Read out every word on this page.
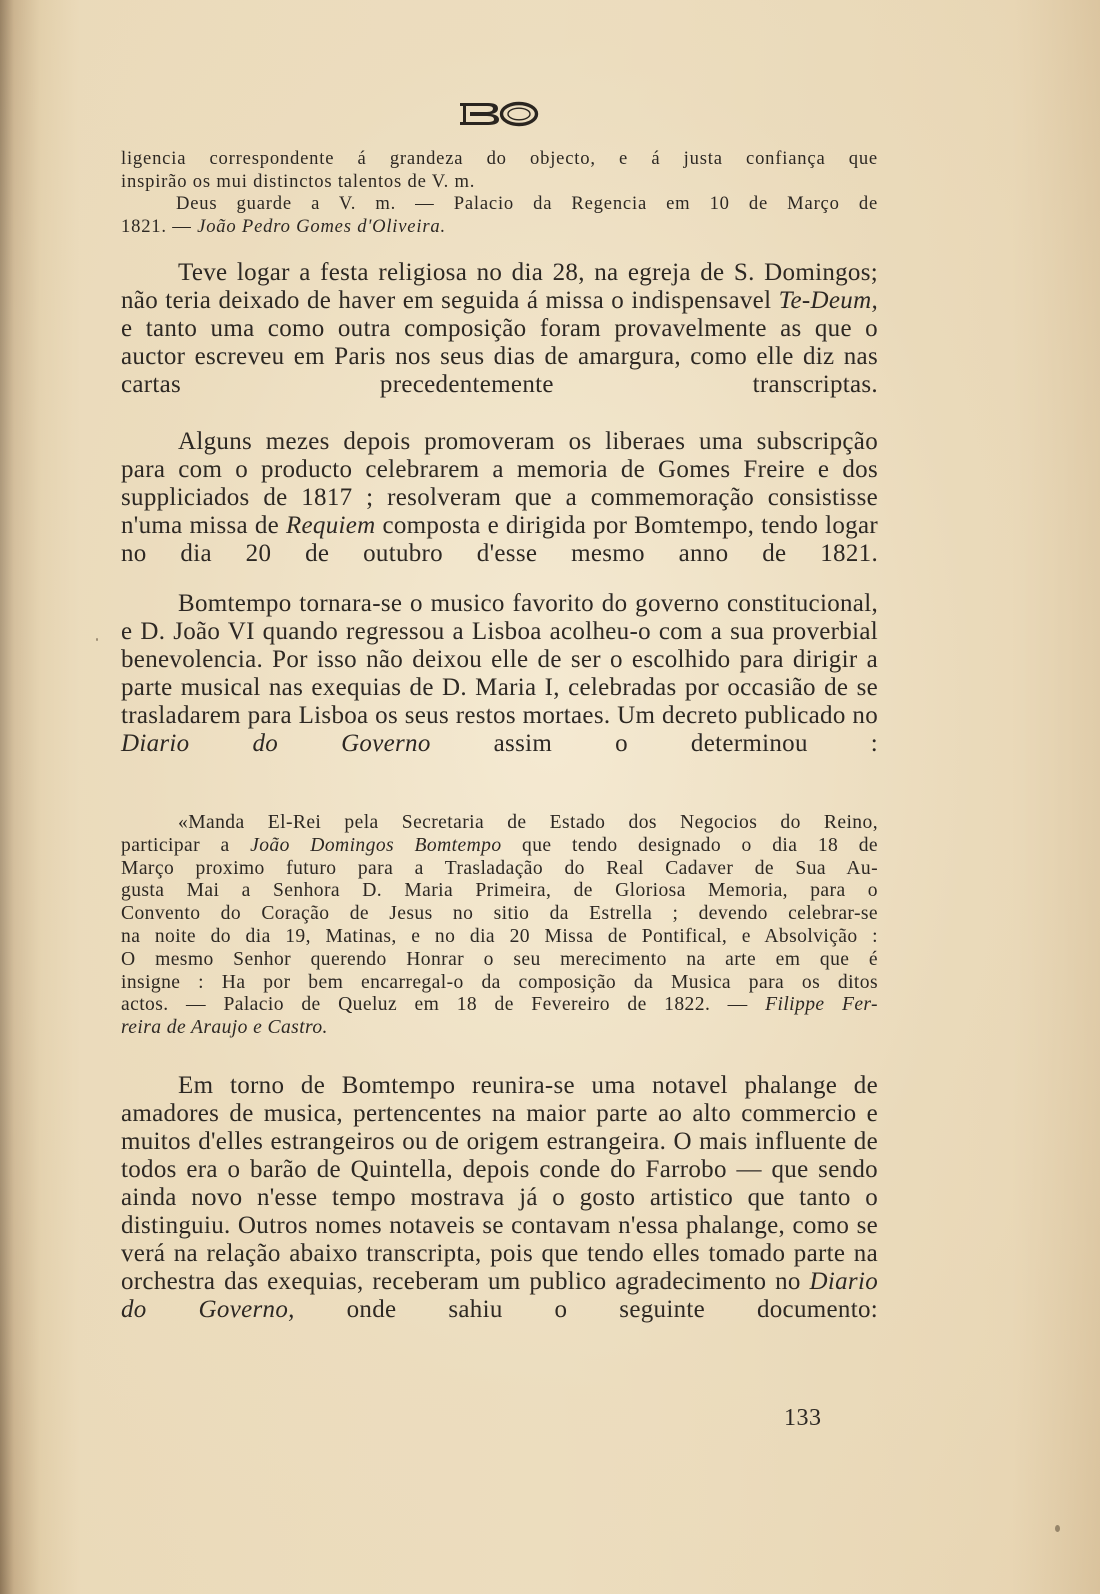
ligencia correspondente á grandeza do objecto, e á justa confiança que
inspirão os mui distinctos talentos de V. m.
Deus guarde a V. m. — Palacio da Regencia em 10 de Março de
1821. — João Pedro Gomes d'Oliveira.

Teve logar a festa religiosa no dia 28, na egreja de S. Domingos; não teria deixado de haver em seguida á missa o indispensavel Te-Deum, e tanto uma como outra composição foram provavelmente as que o auctor escreveu em Paris nos seus dias de amargura, como elle diz nas cartas precedentemente transcriptas.

Alguns mezes depois promoveram os liberaes uma subscripção para com o producto celebrarem a memoria de Gomes Freire e dos suppliciados de 1817 ; resolveram que a commemoração consistisse n'uma missa de Requiem composta e dirigida por Bomtempo, tendo logar no dia 20 de outubro d'esse mesmo anno de 1821.

Bomtempo tornara-se o musico favorito do governo constitucional, e D. João VI quando regressou a Lisboa acolheu-o com a sua proverbial benevolencia. Por isso não deixou elle de ser o escolhido para dirigir a parte musical nas exequias de D. Maria I, celebradas por occasião de se trasladarem para Lisboa os seus restos mortaes. Um decreto publicado no Diario do Governo assim o determinou :

«Manda El-Rei pela Secretaria de Estado dos Negocios do Reino,
participar a João Domingos Bomtempo que tendo designado o dia 18 de
Março proximo futuro para a Trasladação do Real Cadaver de Sua Au-
gusta Mai a Senhora D. Maria Primeira, de Gloriosa Memoria, para o
Convento do Coração de Jesus no sitio da Estrella ; devendo celebrar-se
na noite do dia 19, Matinas, e no dia 20 Missa de Pontifical, e Absolvição :
O mesmo Senhor querendo Honrar o seu merecimento na arte em que é
insigne : Ha por bem encarregal-o da composição da Musica para os ditos
actos. — Palacio de Queluz em 18 de Fevereiro de 1822. — Filippe Fer-
reira de Araujo e Castro.

Em torno de Bomtempo reunira-se uma notavel phalange de amadores de musica, pertencentes na maior parte ao alto commercio e muitos d'elles estrangeiros ou de origem estrangeira. O mais influente de todos era o barão de Quintella, depois conde do Farrobo — que sendo ainda novo n'esse tempo mostrava já o gosto artistico que tanto o distinguiu. Outros nomes notaveis se contavam n'essa phalange, como se verá na relação abaixo transcripta, pois que tendo elles tomado parte na orchestra das exequias, receberam um publico agradecimento no Diario do Governo, onde sahiu o seguinte documento:

133
